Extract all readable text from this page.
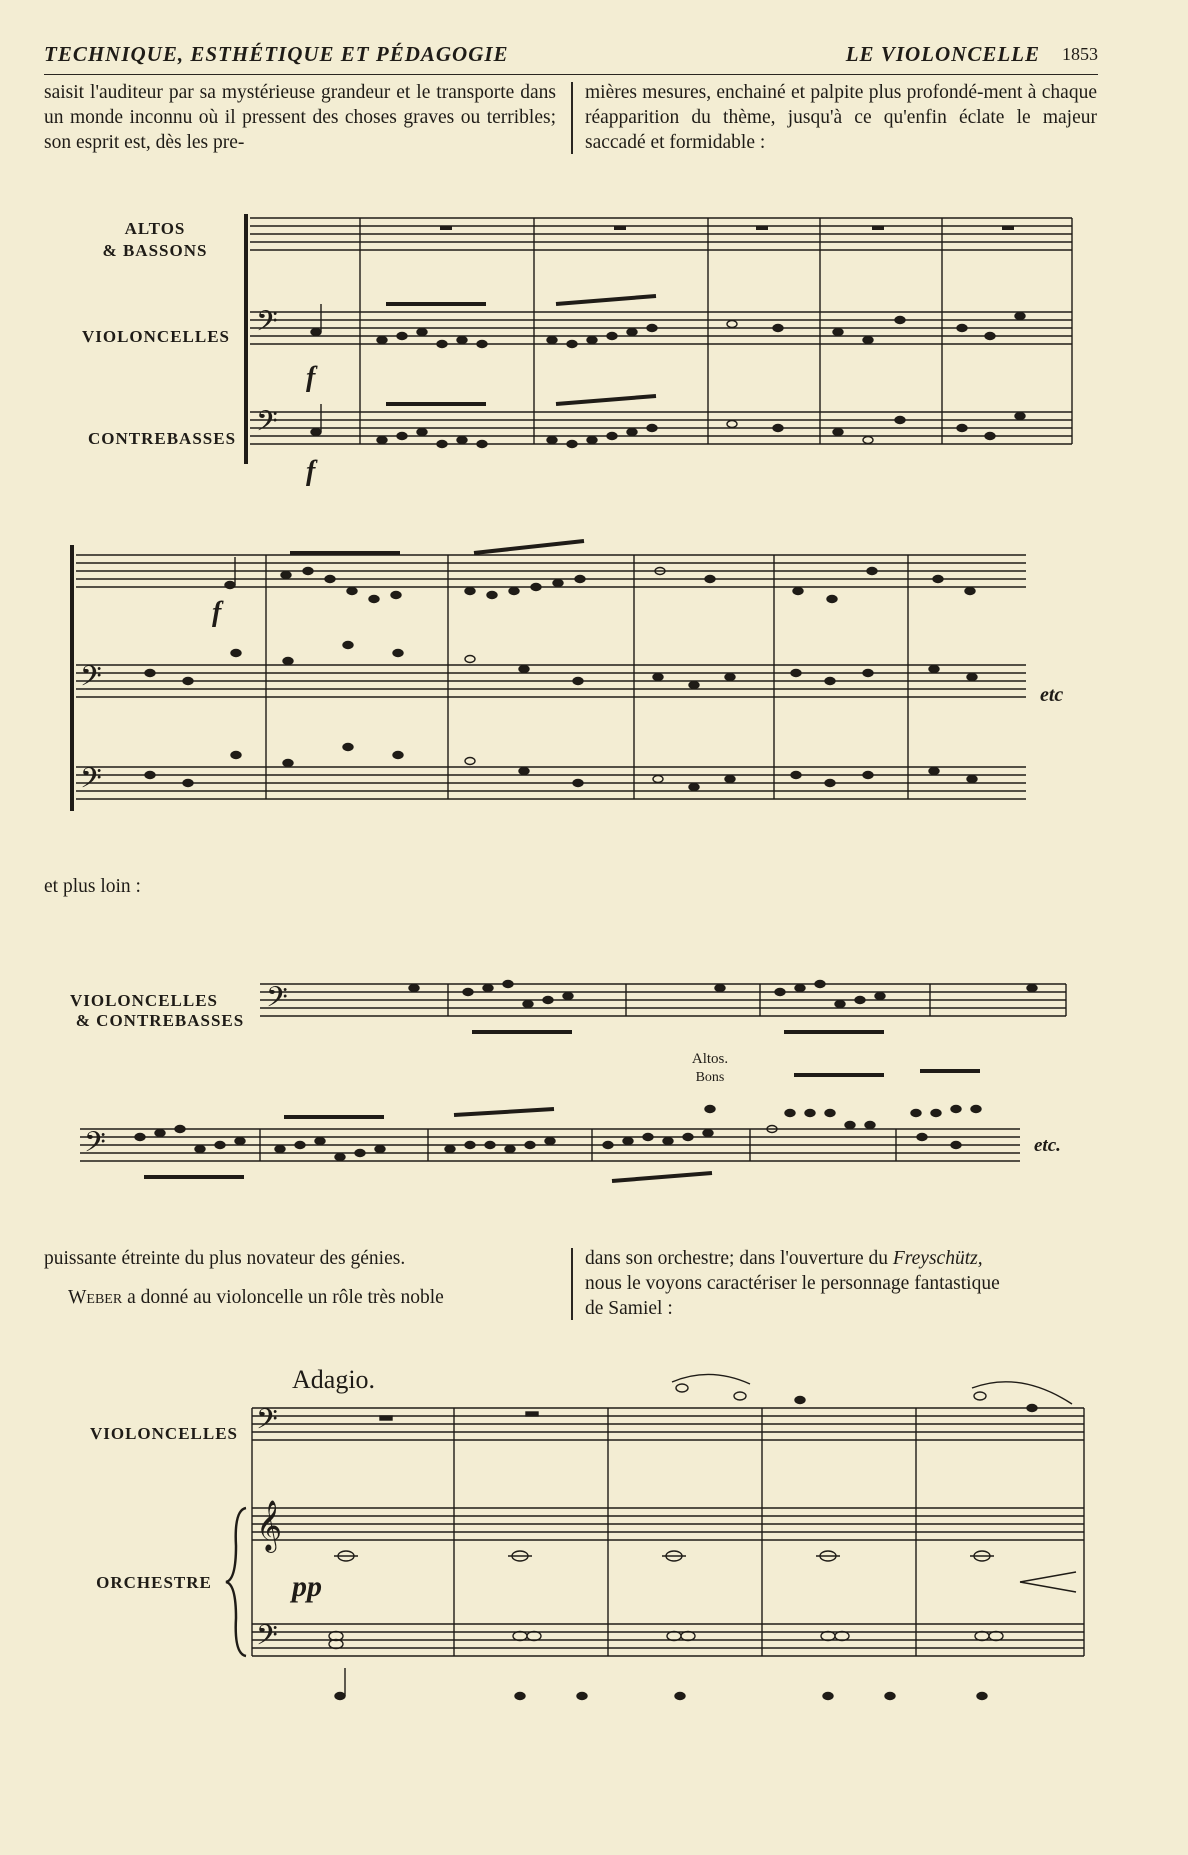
TECHNIQUE, ESTHÉTIQUE ET PÉDAGOGIE	LE VIOLONCELLE 1853

saisit l'auditeur par sa mystérieuse grandeur et le transporte dans un monde inconnu où il pressent des choses graves ou terribles; son esprit est, dès les pre-

mières mesures, enchainé et palpite plus profondé-ment à chaque réapparition du thème, jusqu'à ce qu'enfin éclate le majeur saccadé et formidable :

ALTOS
& BASSONS
VIOLONCELLES
CONTREBASSES
𝄢
𝄢
f
f
𝄢
𝄢
etc
f
et plus loin :
VIOLONCELLES
& CONTREBASSES
𝄢
Altos.
Bons
𝄢	etc.

puissante étreinte du plus novateur des génies.

Weber a donné au violoncelle un rôle très noble

dans son orchestre; dans l'ouverture du Freyschütz,

nous le voyons caractériser le personnage fantastique

de Samiel :

Adagio.
VIOLONCELLES
ORCHESTRE
𝄢
𝄞
𝄢
pp
